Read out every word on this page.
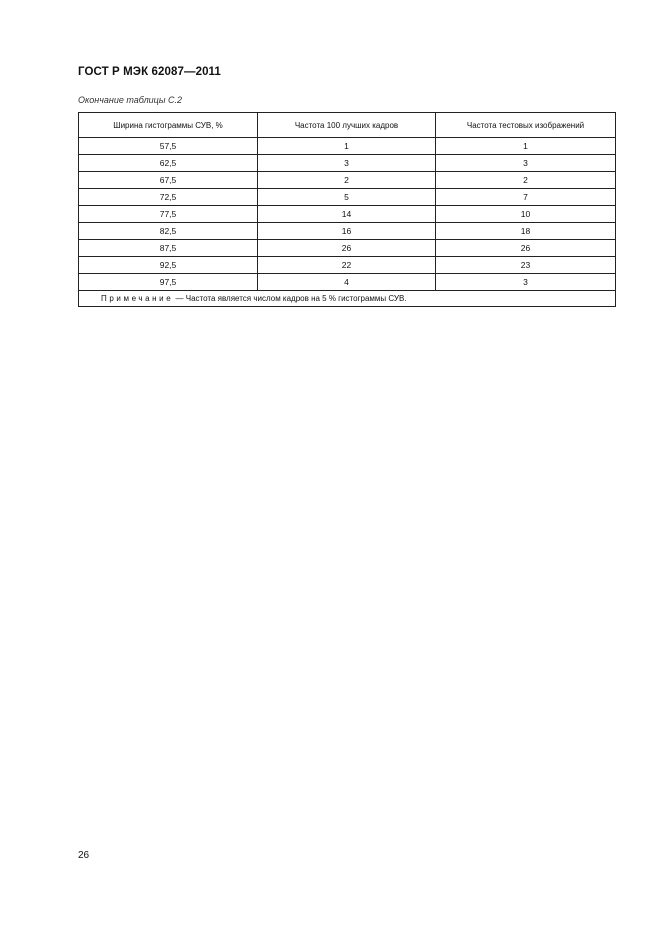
ГОСТ Р МЭК 62087—2011
Окончание таблицы С.2
Ширина гистограммы СУВ, %	Частота 100 лучших кадров	Частота тестовых изображений
57,5	1	1
62,5	3	3
67,5	2	2
72,5	5	7
77,5	14	10
82,5	16	18
87,5	26	26
92,5	22	23
97,5	4	3
Примечание — Частота является числом кадров на 5 % гистограммы СУВ.		
26
